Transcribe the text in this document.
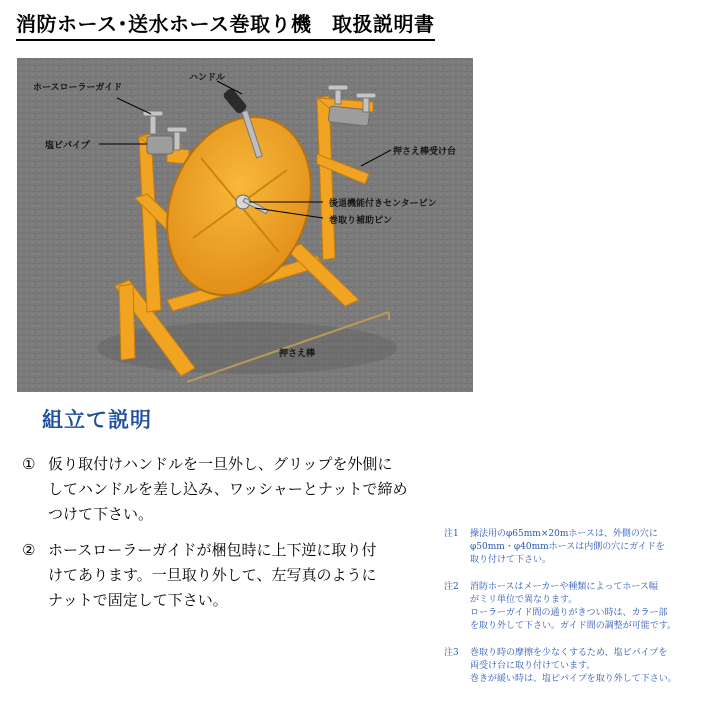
消防ホース･送水ホース巻取り機　取扱説明書
ホースローラーガイド
ハンドル
塩ビパイプ
押さえ棒受け台
後退機能付きセンターピン
巻取り補助ピン
押さえ棒
組立て説明
① 仮り取付けハンドルを一旦外し、グリップを外側に
してハンドルを差し込み、ワッシャーとナットで締め
つけて下さい。
② ホースローラーガイドが梱包時に上下逆に取り付
けてあります。一旦取り外して、左写真のように
ナットで固定して下さい。
注1 操法用のφ65mm×20mホースは、外側の穴に
φ50mm・φ40mmホースは内側の穴にガイドを
取り付けて下さい。
注2 消防ホースはメーカーや種類によってホース幅
がミリ単位で異なります。
ローラーガイド間の通りがきつい時は、カラー部
を取り外して下さい。ガイド間の調整が可能です。
注3 巻取り時の摩擦を少なくするため、塩ビパイプを
両受け台に取り付けています。
巻きが緩い時は、塩ビパイプを取り外して下さい。
